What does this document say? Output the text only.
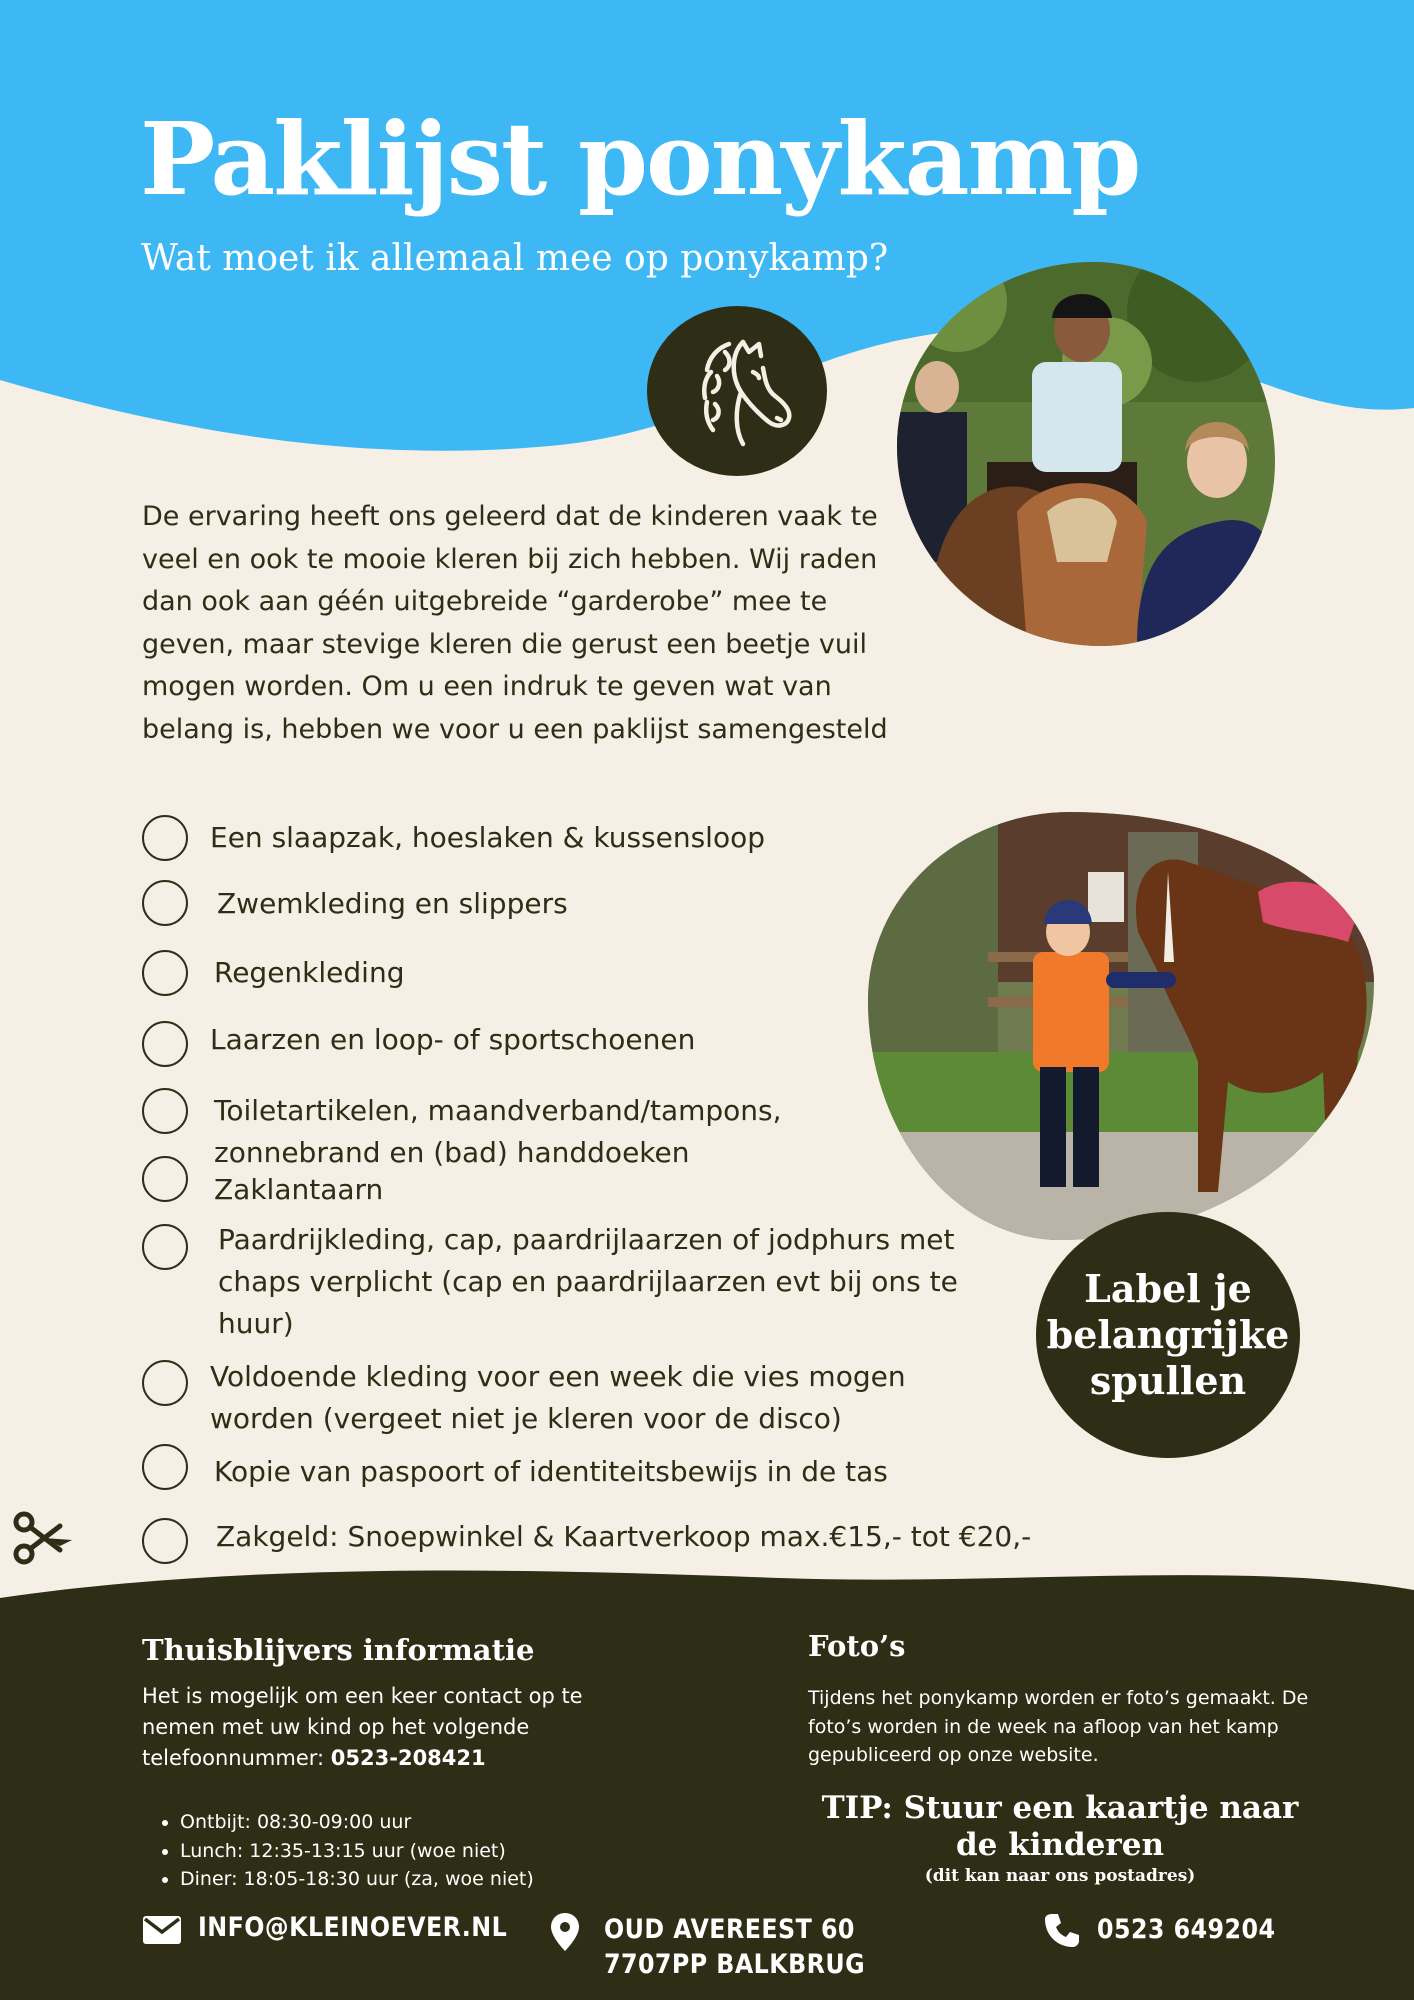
Paklijst ponykamp
Wat moet ik allemaal mee op ponykamp?
De ervaring heeft ons geleerd dat de kinderen vaak te veel en ook te mooie kleren bij zich hebben. Wij raden dan ook aan géén uitgebreide “garderobe” mee te geven, maar stevige kleren die gerust een beetje vuil mogen worden. Om u een indruk te geven wat van belang is, hebben we voor u een paklijst samengesteld
Een slaapzak, hoeslaken & kussensloop
Zwemkleding en slippers
Regenkleding
Laarzen en loop- of sportschoenen
Toiletartikelen, maandverband/tampons, zonnebrand en (bad) handdoeken
Zaklantaarn
Paardrijkleding, cap, paardrijlaarzen of jodphurs met chaps verplicht (cap en paardrijlaarzen evt bij ons te huur)
Voldoende kleding voor een week die vies mogen worden (vergeet niet je kleren voor de disco)
Kopie van paspoort of identiteitsbewijs in de tas
Zakgeld: Snoepwinkel & Kaartverkoop max.€15,- tot €20,-
Label je
belangrijke
spullen
Thuisblijvers informatie
Het is mogelijk om een keer contact op te nemen met uw kind op het volgende telefoonnummer: 0523-208421
• Ontbijt: 08:30-09:00 uur
• Lunch: 12:35-13:15 uur (woe niet)
• Diner: 18:05-18:30 uur (za, woe niet)
Foto’s
Tijdens het ponykamp worden er foto’s gemaakt. De foto’s worden in de week na afloop van het kamp gepubliceerd op onze website.
TIP: Stuur een kaartje naar de kinderen
(dit kan naar ons postadres)
INFO@KLEINOEVER.NL	OUD AVEREEST 60
7707PP BALKBRUG
0523 649204
